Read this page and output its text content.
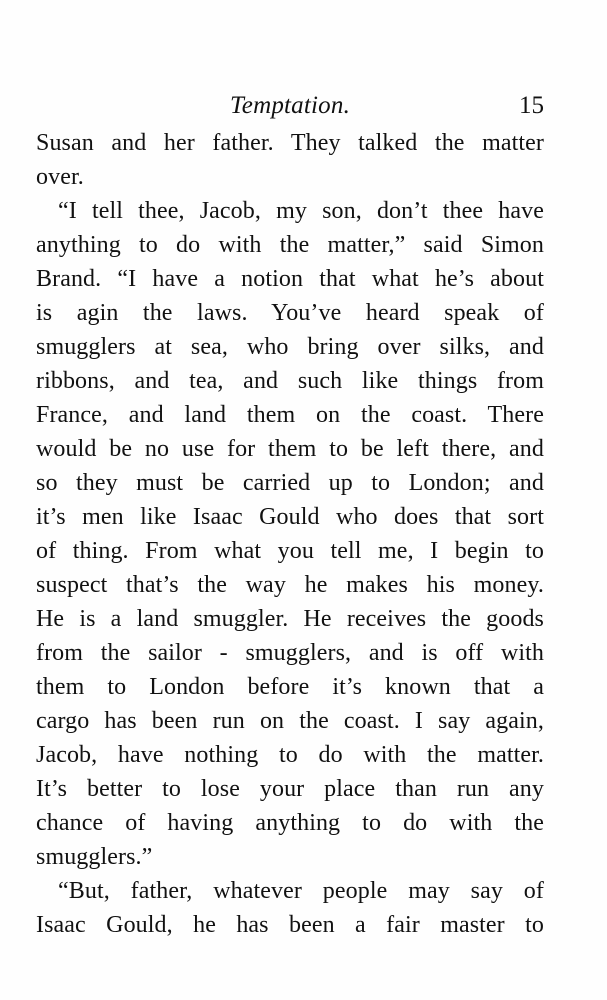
Temptation.	15
Susan and her father. They talked the matter
over.
“I tell thee, Jacob, my son, don’t thee have
anything to do with the matter,” said Simon
Brand. “I have a notion that what he’s about
is agin the laws. You’ve heard speak of
smugglers at sea, who bring over silks, and
ribbons, and tea, and such like things from
France, and land them on the coast. There
would be no use for them to be left there, and
so they must be carried up to London; and
it’s men like Isaac Gould who does that sort
of thing. From what you tell me, I begin to
suspect that’s the way he makes his money.
He is a land smuggler. He receives the goods
from the sailor - smugglers, and is off with
them to London before it’s known that a
cargo has been run on the coast. I say again,
Jacob, have nothing to do with the matter.
It’s better to lose your place than run any
chance of having anything to do with the
smugglers.”
“But, father, whatever people may say of
Isaac Gould, he has been a fair master to
